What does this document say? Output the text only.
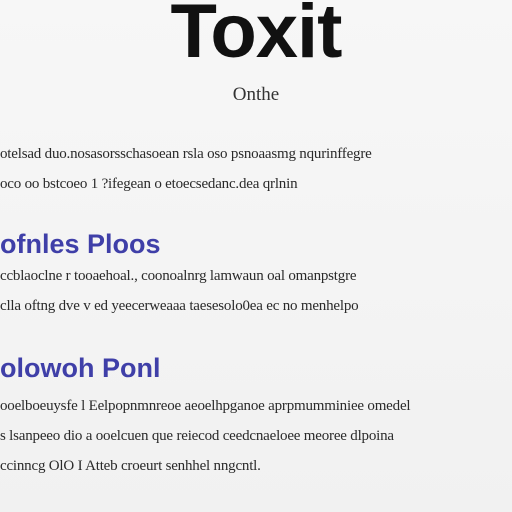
Toxit
Onthe
otelsad duo.nosasorsschasoean rsla oso psnoaasmg nqurinffegre
oco oo bstcoeo 1 ?ifegean o etoecsedanc.dea qrlnin
ofnles Ploos
ccblaoclne r tooaehoal., coonoalnrg lamwaun oal omanpstgre
clla oftng dve v ed yeecerweaaa taesesolo0ea ec no menhelpo
olowoh Ponl
ooelboeuysfe l Eelpopnmnreoe aeoelhpganoe aprpmumminiee omedel
s lsanpeeo dio a ooelcuen que reiecod ceedcnaeloee meoree dlpoina
ccinncg OlO I Atteb croeurt senhhel nngcntl.
